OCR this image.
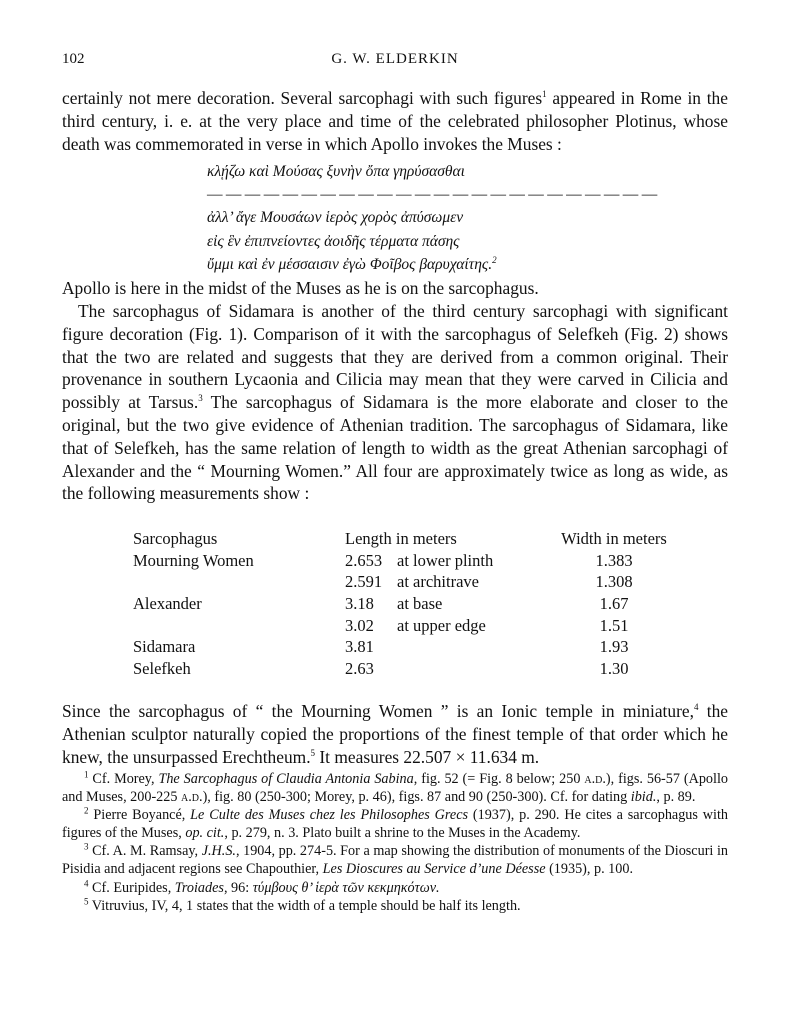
102	G. W. ELDERKIN

certainly not mere decoration. Several sarcophagi with such figures$^1$ appeared in Rome in the third century, i. e. at the very place and time of the celebrated philosopher Plotinus, whose death was commemorated in verse in which Apollo invokes the Muses :

κλῄζω καὶ Μούσας ξυνὴν ὄπα γηρύσασθαι
————————————————————————
ἀλλ’ ἄγε Μουσάων ἱερὸς χορὸς ἀπύσωμεν
εἰς ἓν ἐπιπνείοντες ἀοιδῆς τέρματα πάσης
ὔμμι καὶ ἐν μέσσαισιν ἐγὼ Φοῖβος βαρυχαίτης.$^2$

Apollo is here in the midst of the Muses as he is on the sarcophagus.

The sarcophagus of Sidamara is another of the third century sarcophagi with significant figure decoration (Fig. 1). Comparison of it with the sarcophagus of Selefkeh (Fig. 2) shows that the two are related and suggests that they are derived from a common original. Their provenance in southern Lycaonia and Cilicia may mean that they were carved in Cilicia and possibly at Tarsus.$^3$ The sarcophagus of Sidamara is the more elaborate and closer to the original, but the two give evidence of Athenian tradition. The sarcophagus of Sidamara, like that of Selefkeh, has the same relation of length to width as the great Athenian sarcophagi of Alexander and the “ Mourning Women.” All four are approximately twice as long as wide, as the following measurements show :

Sarcophagus	Length in meters		Width in meters
Mourning Women	2.653	at lower plinth	1.383
	2.591	at architrave	1.308
Alexander	3.18	at base	1.67
	3.02	at upper edge	1.51
Sidamara	3.81		1.93
Selefkeh	2.63		1.30

Since the sarcophagus of “ the Mourning Women ” is an Ionic temple in miniature,$^4$ the Athenian sculptor naturally copied the proportions of the finest temple of that order which he knew, the unsurpassed Erechtheum.$^5$ It measures 22.507 × 11.634 m.

$^1$ Cf. Morey, The Sarcophagus of Claudia Antonia Sabina, fig. 52 (= Fig. 8 below; 250 a.d.), figs. 56-57 (Apollo and Muses, 200-225 a.d.), fig. 80 (250-300; Morey, p. 46), figs. 87 and 90 (250-300). Cf. for dating ibid., p. 89.

$^2$ Pierre Boyancé, Le Culte des Muses chez les Philosophes Grecs (1937), p. 290. He cites a sarcophagus with figures of the Muses, op. cit., p. 279, n. 3. Plato built a shrine to the Muses in the Academy.

$^3$ Cf. A. M. Ramsay, J.H.S., 1904, pp. 274-5. For a map showing the distribution of monuments of the Dioscuri in Pisidia and adjacent regions see Chapouthier, Les Dioscures au Service d’une Déesse (1935), p. 100.

$^4$ Cf. Euripides, Troiades, 96: τύμβους θ’ ἱερὰ τῶν κεκμηκότων.

$^5$ Vitruvius, IV, 4, 1 states that the width of a temple should be half its length.
